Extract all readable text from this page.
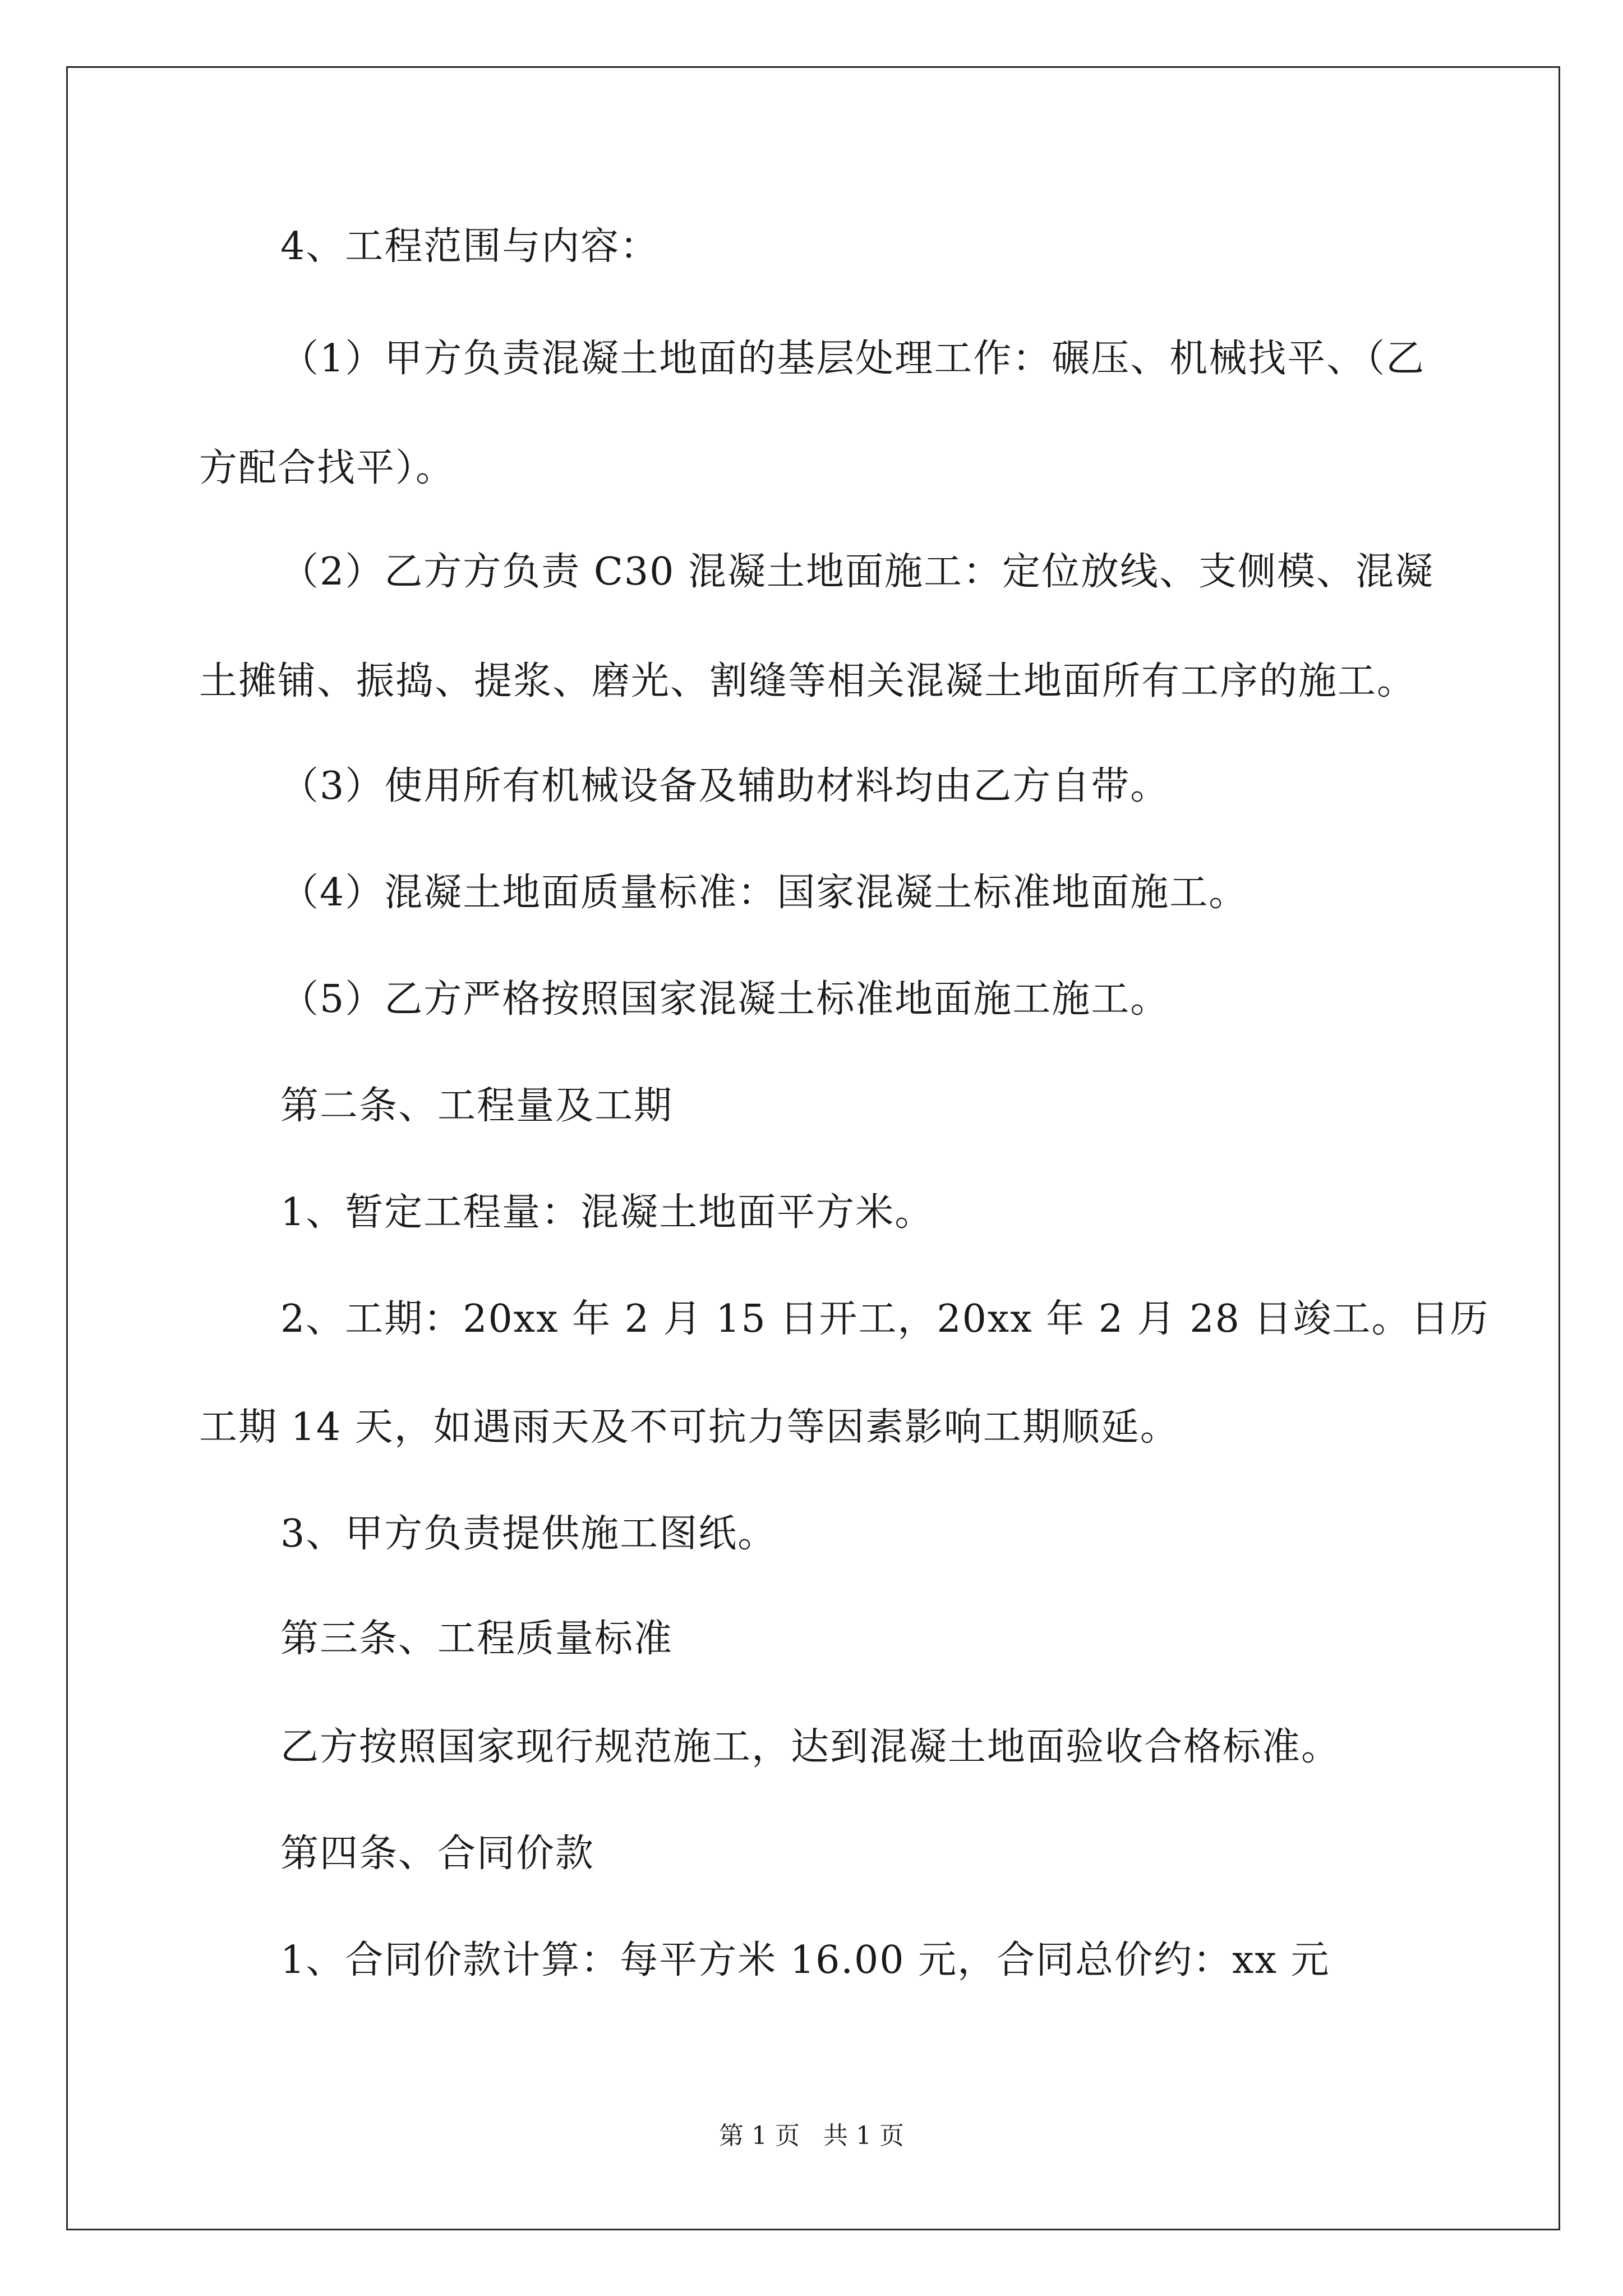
4、工程范围与内容：
（1）甲方负责混凝土地面的基层处理工作：碾压、机械找平、（乙
方配合找平）。
（2）乙方方负责 C30 混凝土地面施工：定位放线、支侧模、混凝
土摊铺、振捣、提浆、磨光、割缝等相关混凝土地面所有工序的施工。
（3）使用所有机械设备及辅助材料均由乙方自带。
（4）混凝土地面质量标准：国家混凝土标准地面施工。
（5）乙方严格按照国家混凝土标准地面施工施工。
第二条、工程量及工期
1、暂定工程量：混凝土地面平方米。
2、工期：20xx 年 2 月 15 日开工，20xx 年 2 月 28 日竣工。日历
工期 14 天，如遇雨天及不可抗力等因素影响工期顺延。
3、甲方负责提供施工图纸。
第三条、工程质量标准
乙方按照国家现行规范施工，达到混凝土地面验收合格标准。
第四条、合同价款
1、合同价款计算：每平方米 16.00 元，合同总价约：xx 元
第 1 页   共 1 页
